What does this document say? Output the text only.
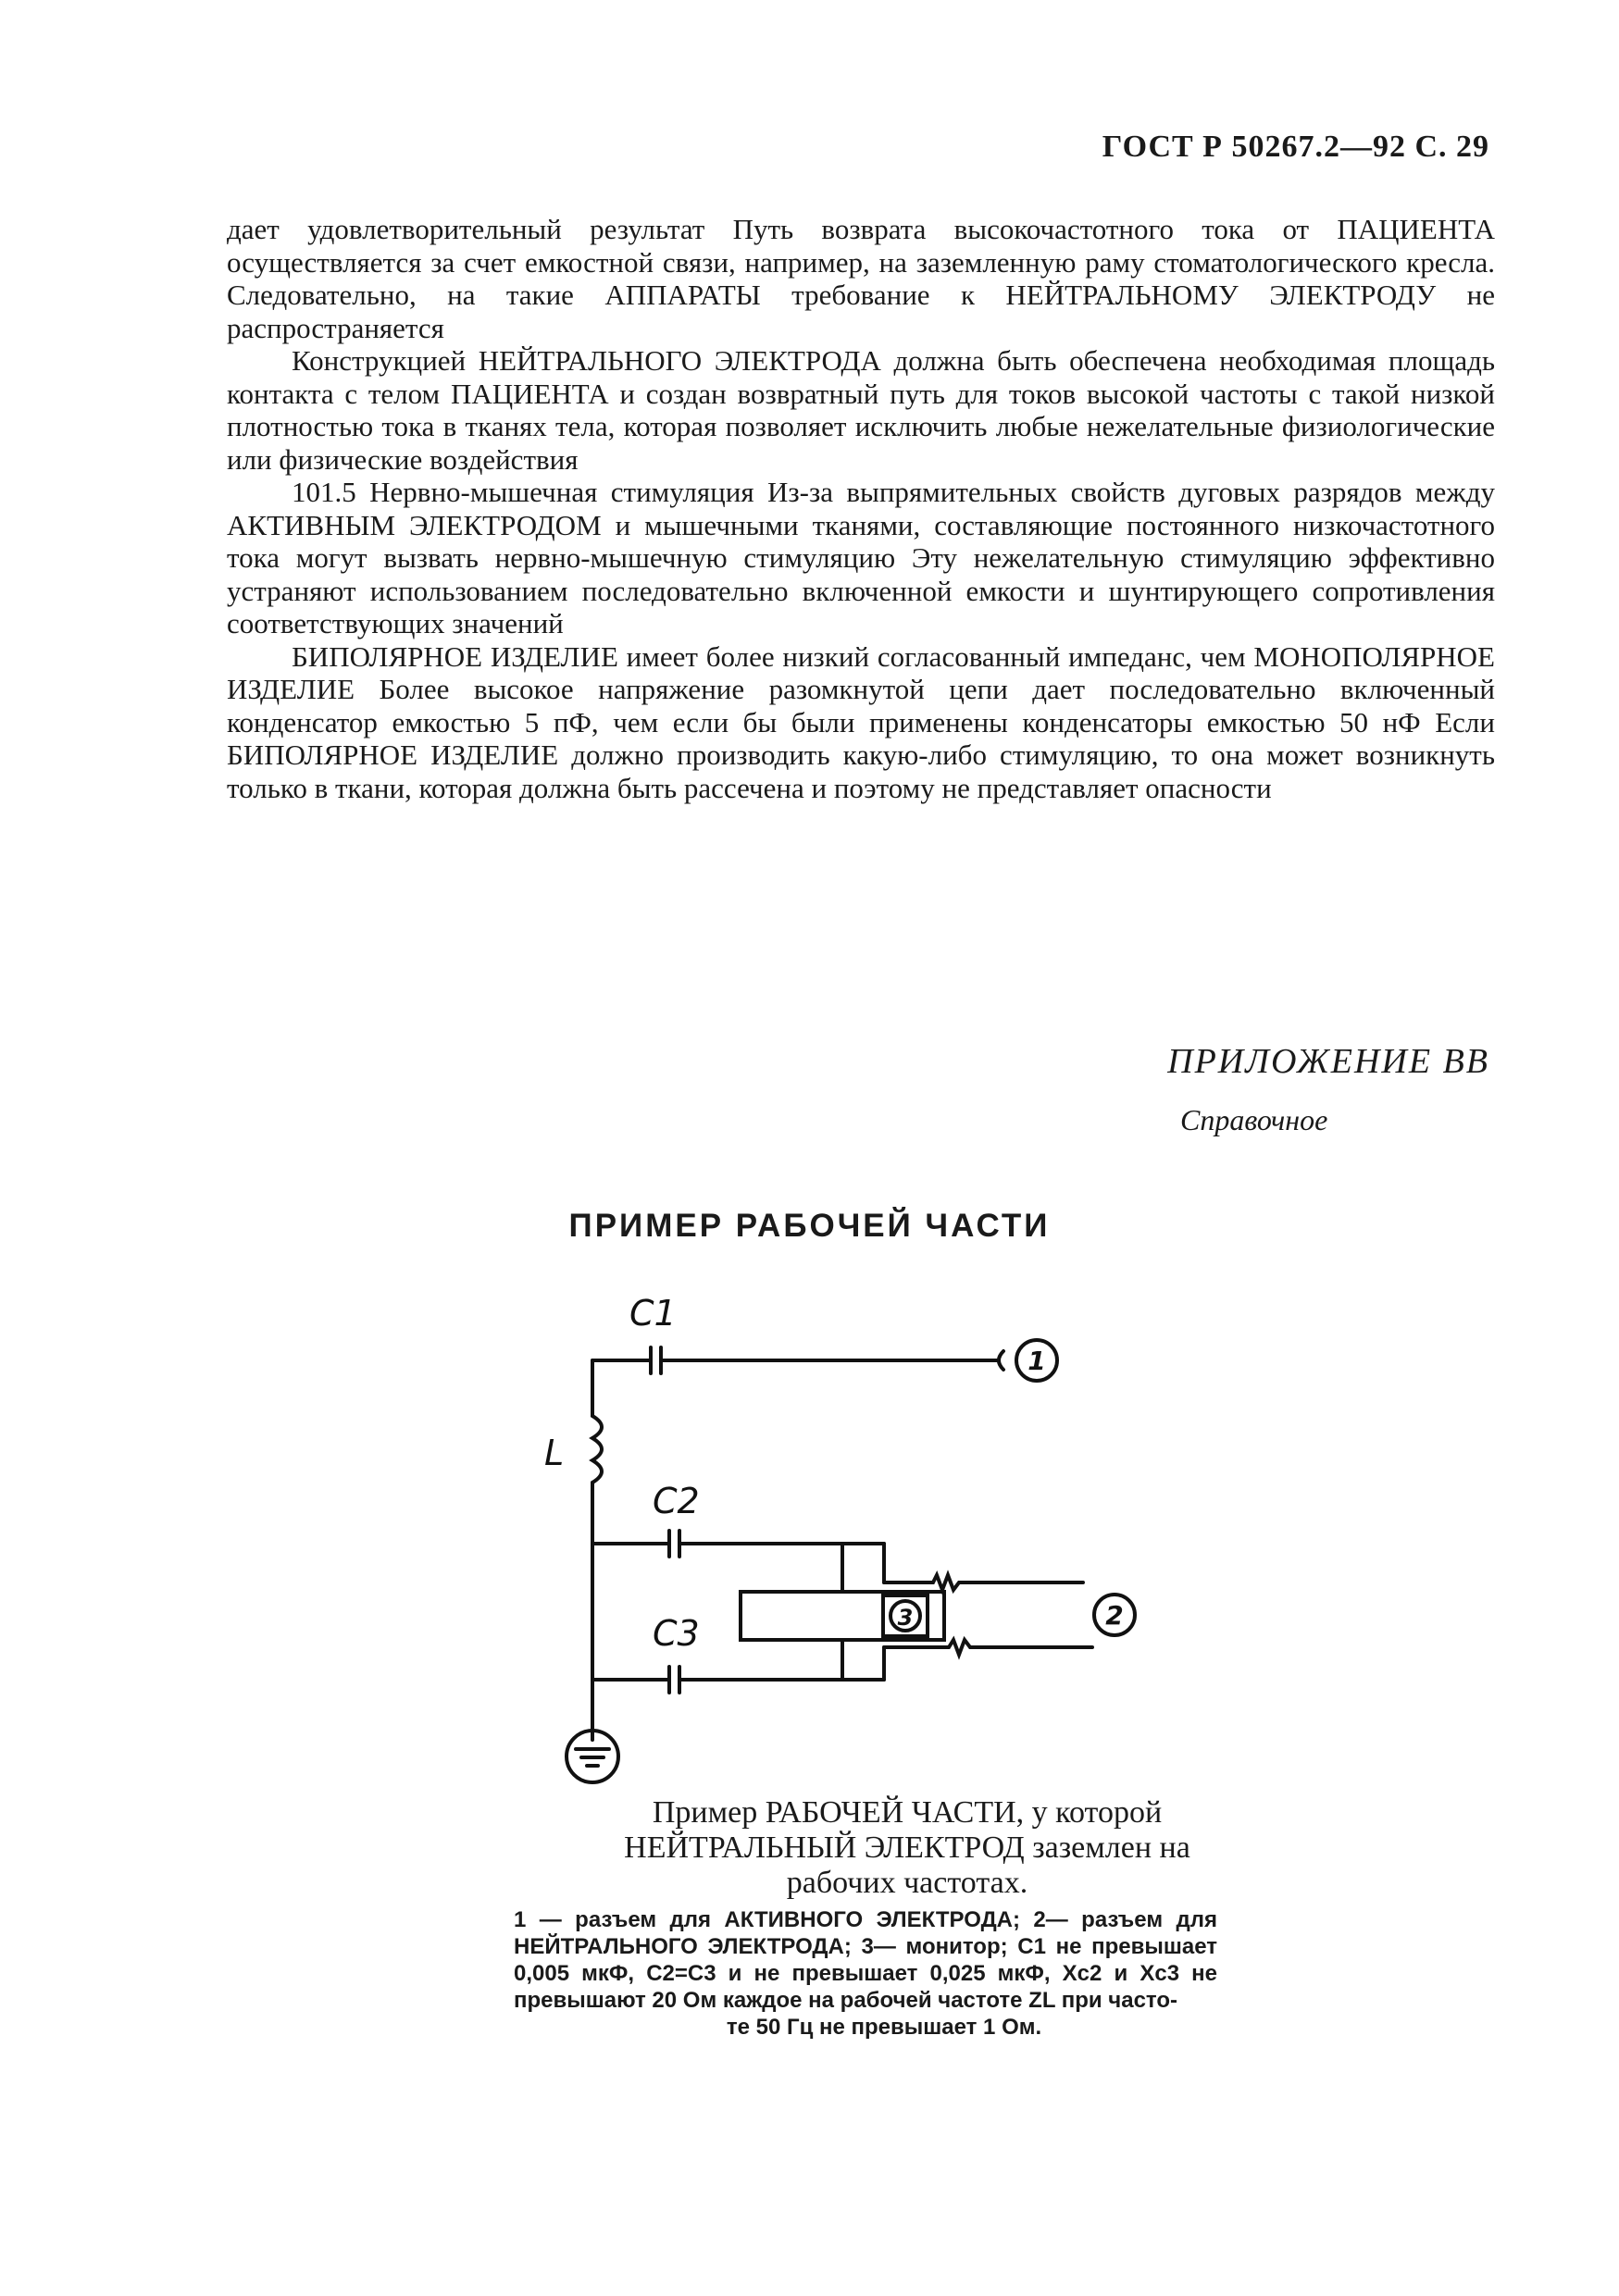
ГОСТ Р 50267.2—92 С. 29

дает удовлетворительный результат Путь возврата высокочастотного тока от ПАЦИЕНТА осуществляется за счет емкостной связи, например, на заземленную раму стоматологического кресла. Следовательно, на такие АППАРАТЫ требование к НЕЙТРАЛЬНОМУ ЭЛЕКТРОДУ не распространяется

Конструкцией НЕЙТРАЛЬНОГО ЭЛЕКТРОДА должна быть обеспечена необходимая площадь контакта с телом ПАЦИЕНТА и создан возвратный путь для токов высокой частоты с такой низкой плотностью тока в тканях тела, которая позволяет исключить любые нежелательные физиологические или физические воздействия

101.5 Нервно-мышечная стимуляция Из-за выпрямительных свойств дуговых разрядов между АКТИВНЫМ ЭЛЕКТРОДОМ и мышечными тканями, составляющие постоянного низкочастотного тока могут вызвать нервно-мышечную стимуляцию Эту нежелательную стимуляцию эффективно устраняют использованием последовательно включенной емкости и шунтирующего сопротивления соответствующих значений

БИПОЛЯРНОЕ ИЗДЕЛИЕ имеет более низкий согласованный импеданс, чем МОНОПОЛЯРНОЕ ИЗДЕЛИЕ Более высокое напряжение разомкнутой цепи дает последовательно включенный конденсатор емкостью 5 пФ, чем если бы были применены конденсаторы емкостью 50 нФ Если БИПОЛЯРНОЕ ИЗДЕЛИЕ должно производить какую-либо стимуляцию, то она может возникнуть только в ткани, которая должна быть рассечена и поэтому не представляет опасности

ПРИЛОЖЕНИЕ ВВ
Справочное
ПРИМЕР РАБОЧЕЙ ЧАСТИ
C1
C2
C3
L
1
2
3
Пример РАБОЧЕЙ ЧАСТИ, у которой
НЕЙТРАЛЬНЫЙ ЭЛЕКТРОД заземлен на
рабочих частотах.
1 — разъем для АКТИВНОГО ЭЛЕКТРОДА; 2— разъем для НЕЙТРАЛЬНОГО ЭЛЕКТРОДА; 3— монитор; C1 не превышает 0,005 мкФ, C2=C3 и не превышает 0,025 мкФ, Xc2 и Xc3 не превышают 20 Ом каждое на рабочей частоте ZL при часто-
те 50 Гц не превышает 1 Ом.
